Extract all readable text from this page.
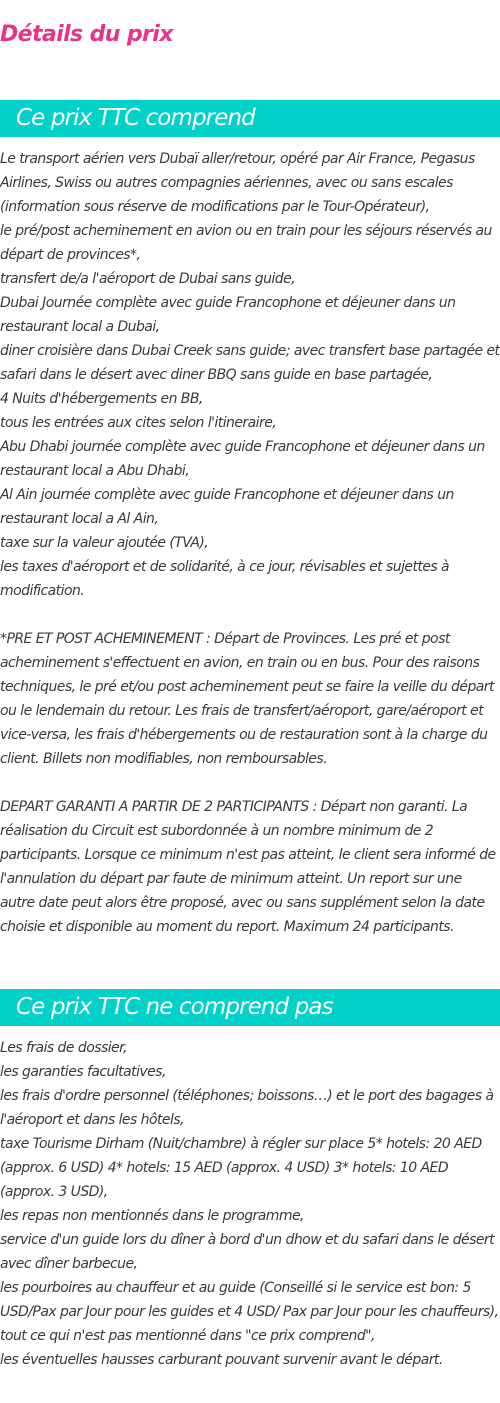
Détails du prix
Ce prix TTC comprend

Le transport aérien vers Dubaï aller/retour, opéré par Air France, Pegasus Airlines, Swiss ou autres compagnies aériennes, avec ou sans escales (information sous réserve de modifications par le Tour-Opérateur),
le pré/post acheminement en avion ou en train pour les séjours réservés au départ de provinces*,
transfert de/a l'aéroport de Dubai sans guide,
Dubai Journée complète avec guide Francophone et déjeuner dans un restaurant local a Dubai,
diner croisière dans Dubai Creek sans guide; avec transfert base partagée et safari dans le désert avec diner BBQ sans guide en base partagée,
4 Nuits d'hébergements en BB,
tous les entrées aux cites selon l'itineraire,
Abu Dhabi journée complète avec guide Francophone et déjeuner dans un restaurant local a Abu Dhabi,
Al Ain journée complète avec guide Francophone et déjeuner dans un restaurant local a Al Ain,
taxe sur la valeur ajoutée (TVA),
les taxes d'aéroport et de solidarité, à ce jour, révisables et sujettes à modification.

*PRE ET POST ACHEMINEMENT : Départ de Provinces. Les pré et post acheminement s'effectuent en avion, en train ou en bus. Pour des raisons techniques, le pré et/ou post acheminement peut se faire la veille du départ ou le lendemain du retour. Les frais de transfert/aéroport, gare/aéroport et vice-versa, les frais d'hébergements ou de restauration sont à la charge du client. Billets non modifiables, non remboursables.

DEPART GARANTI A PARTIR DE 2 PARTICIPANTS : Départ non garanti. La réalisation du Circuit est subordonnée à un nombre minimum de 2 participants. Lorsque ce minimum n'est pas atteint, le client sera informé de l'annulation du départ par faute de minimum atteint. Un report sur une autre date peut alors être proposé, avec ou sans supplément selon la date choisie et disponible au moment du report. Maximum 24 participants.

Ce prix TTC ne comprend pas

Les frais de dossier,
les garanties facultatives,
les frais d'ordre personnel (téléphones; boissons…) et le port des bagages à l'aéroport et dans les hôtels,
taxe Tourisme Dirham (Nuit/chambre) à régler sur place 5* hotels: 20 AED (approx. 6 USD) 4* hotels: 15 AED (approx. 4 USD) 3* hotels: 10 AED (approx. 3 USD),
les repas non mentionnés dans le programme,
service d'un guide lors du dîner à bord d'un dhow et du safari dans le désert avec dîner barbecue,
les pourboires au chauffeur et au guide (Conseillé si le service est bon: 5 USD/Pax par Jour pour les guides et 4 USD/ Pax par Jour pour les chauffeurs),
tout ce qui n'est pas mentionné dans "ce prix comprend",
les éventuelles hausses carburant pouvant survenir avant le départ.
